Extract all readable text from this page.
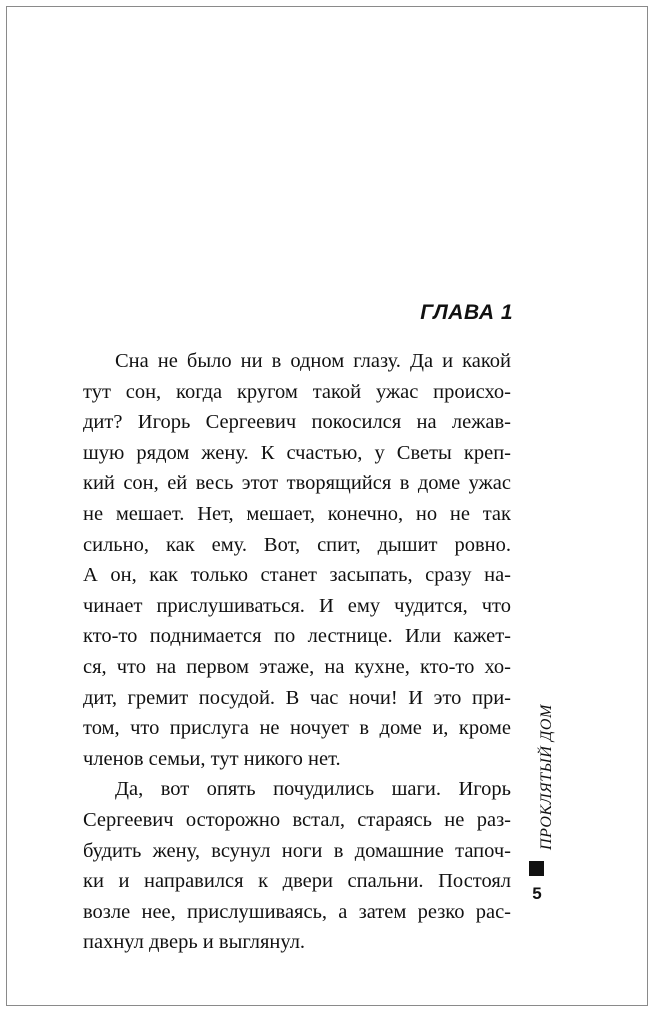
ГЛАВА 1
Сна не было ни в одном глазу. Да и какой
тут сон, когда кругом такой ужас происхо-
дит? Игорь Сергеевич покосился на лежав-
шую рядом жену. К счастью, у Светы креп-
кий сон, ей весь этот творящийся в доме ужас
не мешает. Нет, мешает, конечно, но не так
сильно, как ему. Вот, спит, дышит ровно.
А он, как только станет засыпать, сразу на-
чинает прислушиваться. И ему чудится, что
кто-то поднимается по лестнице. Или кажет-
ся, что на первом этаже, на кухне, кто-то хо-
дит, гремит посудой. В час ночи! И это при-
том, что прислуга не ночует в доме и, кроме
членов семьи, тут никого нет.
Да, вот опять почудились шаги. Игорь
Сергеевич осторожно встал, стараясь не раз-
будить жену, всунул ноги в домашние тапоч-
ки и направился к двери спальни. Постоял
возле нее, прислушиваясь, а затем резко рас-
пахнул дверь и выглянул.
ПРОКЛЯТЫЙ ДОМ
5
